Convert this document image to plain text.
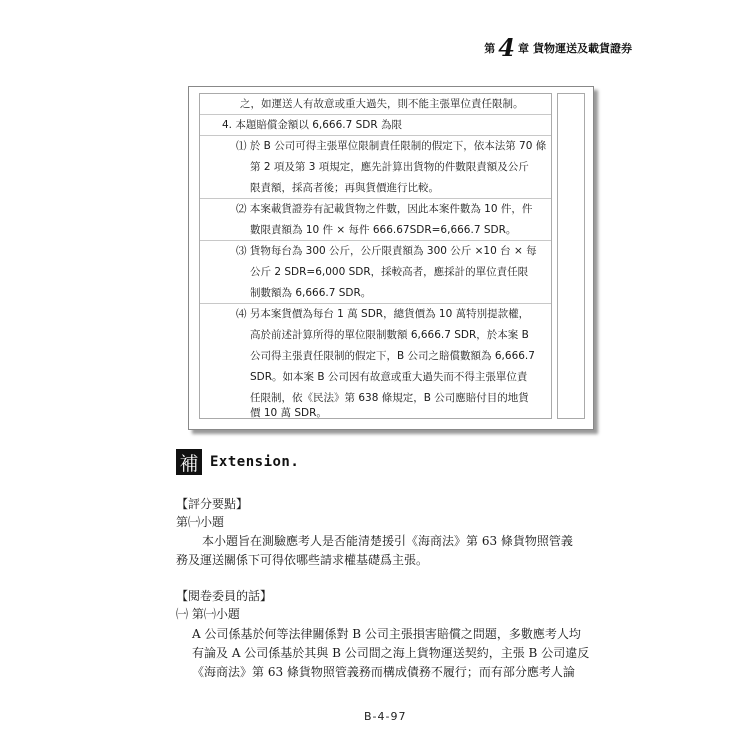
第 4 章 貨物運送及載貨證券
之，如運送人有故意或重大過失，則不能主張單位責任限制。
4. 本題賠償金額以 6,666.7 SDR 為限
⑴ 於 B 公司可得主張單位限制責任限制的假定下，依本法第 70 條
第 2 項及第 3 項規定，應先計算出貨物的件數限責額及公斤
限責額，採高者後；再與貨價進行比較。
⑵ 本案載貨證券有記載貨物之件數，因此本案件數為 10 件，件
數限責額為 10 件 × 每件 666.67SDR=6,666.7 SDR。
⑶ 貨物每台為 300 公斤，公斤限責額為 300 公斤 ×10 台 × 每
公斤 2 SDR=6,000 SDR，採較高者，應採計的單位責任限
制數額為 6,666.7 SDR。
⑷ 另本案貨價為每台 1 萬 SDR，總貨價為 10 萬特別提款權，
高於前述計算所得的單位限制數額 6,666.7 SDR，於本案 B
公司得主張責任限制的假定下，B 公司之賠償數額為 6,666.7
SDR。如本案 B 公司因有故意或重大過失而不得主張單位責
任限制，依《民法》第 638 條規定，B 公司應賠付目的地貨
價 10 萬 SDR。
補 Extension.
【評分要點】
第㈠小題
本小題旨在測驗應考人是否能清楚援引《海商法》第 63 條貨物照管義
務及運送關係下可得依哪些請求權基礎爲主張。
【閱卷委員的話】
㈠ 第㈠小題
A 公司係基於何等法律關係對 B 公司主張損害賠償之問題，多數應考人均
有論及 A 公司係基於其與 B 公司間之海上貨物運送契約，主張 B 公司違反
《海商法》第 63 條貨物照管義務而構成債務不履行；而有部分應考人論
B-4-97
